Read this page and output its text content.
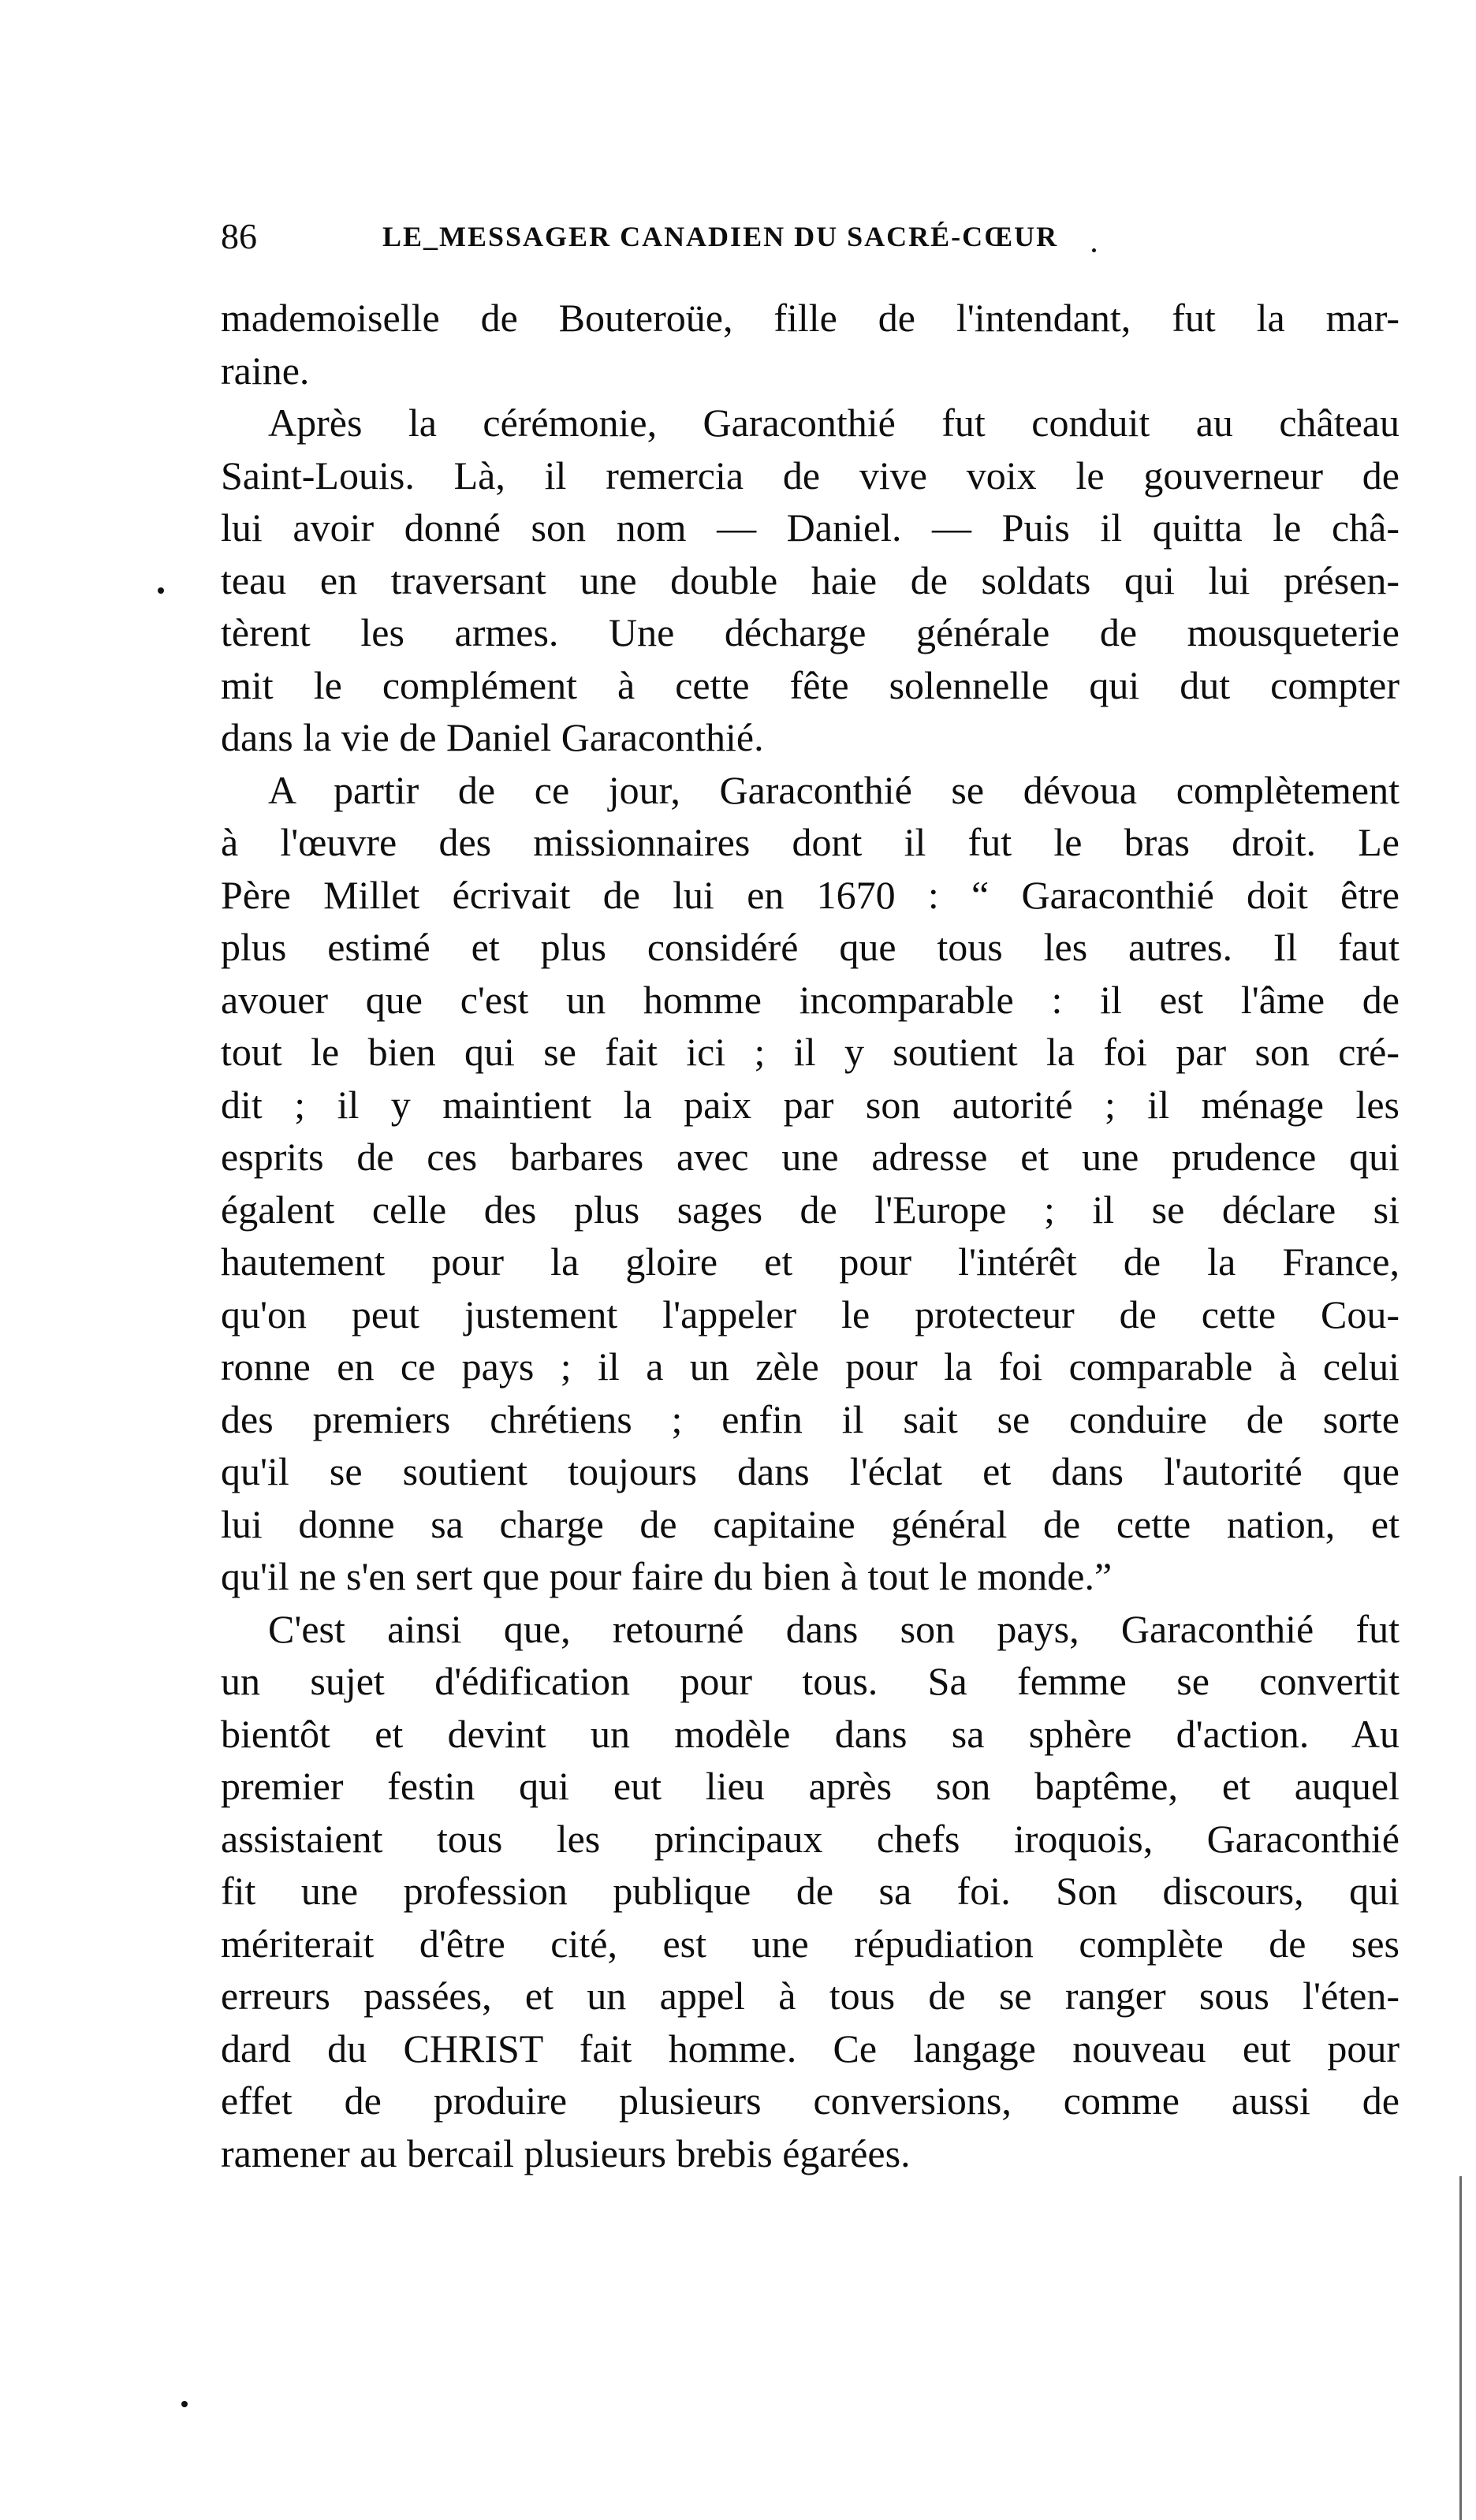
86	LE_MESSAGER CANADIEN DU SACRÉ-CŒUR
mademoiselle de Bouteroüe, fille de l'intendant, fut la mar-
raine.
Après la cérémonie, Garaconthié fut conduit au château
Saint-Louis. Là, il remercia de vive voix le gouverneur de
lui avoir donné son nom — Daniel. — Puis il quitta le châ-
teau en traversant une double haie de soldats qui lui présen-
tèrent les armes. Une décharge générale de mousqueterie
mit le complément à cette fête solennelle qui dut compter
dans la vie de Daniel Garaconthié.
A partir de ce jour, Garaconthié se dévoua complètement
à l'œuvre des missionnaires dont il fut le bras droit. Le
Père Millet écrivait de lui en 1670 : “ Garaconthié doit être
plus estimé et plus considéré que tous les autres. Il faut
avouer que c'est un homme incomparable : il est l'âme de
tout le bien qui se fait ici ; il y soutient la foi par son cré-
dit ; il y maintient la paix par son autorité ; il ménage les
esprits de ces barbares avec une adresse et une prudence qui
égalent celle des plus sages de l'Europe ; il se déclare si
hautement pour la gloire et pour l'intérêt de la France,
qu'on peut justement l'appeler le protecteur de cette Cou-
ronne en ce pays ; il a un zèle pour la foi comparable à celui
des premiers chrétiens ; enfin il sait se conduire de sorte
qu'il se soutient toujours dans l'éclat et dans l'autorité que
lui donne sa charge de capitaine général de cette nation, et
qu'il ne s'en sert que pour faire du bien à tout le monde.”
C'est ainsi que, retourné dans son pays, Garaconthié fut
un sujet d'édification pour tous. Sa femme se convertit
bientôt et devint un modèle dans sa sphère d'action. Au
premier festin qui eut lieu après son baptême, et auquel
assistaient tous les principaux chefs iroquois, Garaconthié
fit une profession publique de sa foi. Son discours, qui
mériterait d'être cité, est une répudiation complète de ses
erreurs passées, et un appel à tous de se ranger sous l'éten-
dard du CHRIST fait homme. Ce langage nouveau eut pour
effet de produire plusieurs conversions, comme aussi de
ramener au bercail plusieurs brebis égarées.
